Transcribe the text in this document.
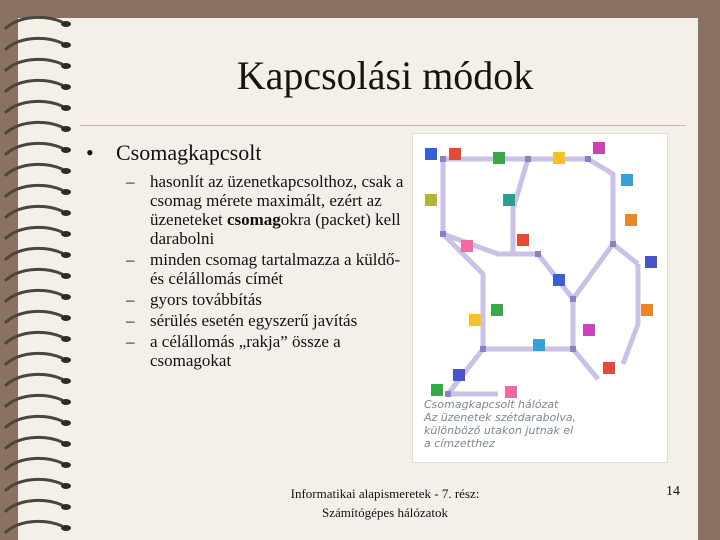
Kapcsolási módok

• Csomagkapcsolt

– hasonlít az üzenetkapcsolthoz, csak a csomag mérete maximált, ezért az üzeneteket csomagokra (packet) kell darabolni
– minden csomag tartalmazza a küldő- és célállomás címét
– gyors továbbítás
– sérülés esetén egyszerű javítás
– a célállomás „rakja” össze a csomagokat
Csomagkapcsolt hálózat
Az üzenetek szétdarabolva,
különböző utakon jutnak el
a címzetthez
Informatikai alapismeretek - 7. rész:
Számítógépes hálózatok
14
